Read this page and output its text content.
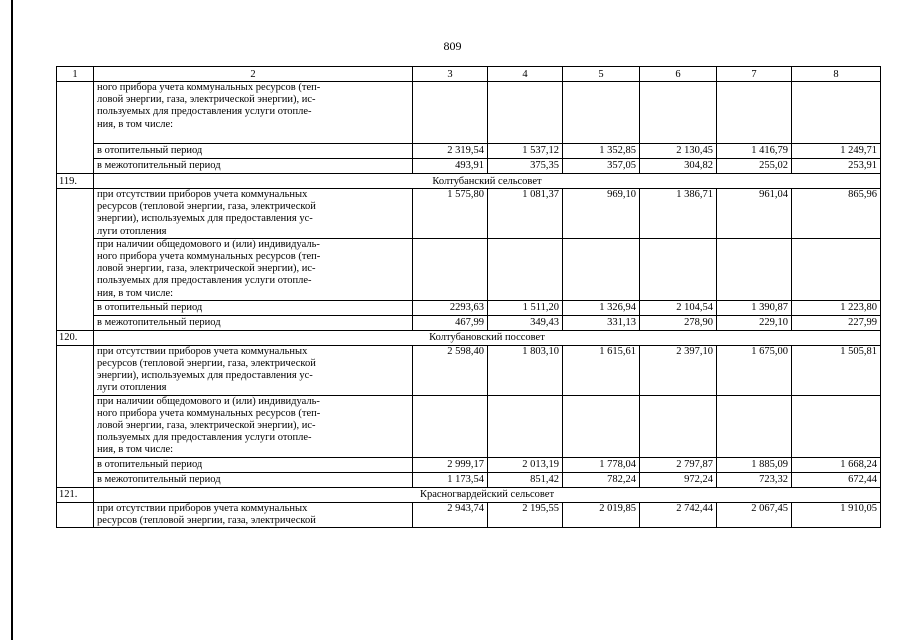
809
1	2	3	4	5	6	7	8

	ного прибора учета коммунальных ресурсов (теп-
ловой энергии, газа, электрической энергии), ис-
пользуемых для предоставления услуги отопле-
ния, в том числе:						

	в отопительный период	2 319,54	1 537,12	1 352,85	2 130,45	1 416,79	1 249,71
	в межотопительный период	493,91	375,35	357,05	304,82	255,02	253,91
119.	Колтубанский сельсовет						

	при отсутствии приборов учета коммунальных
ресурсов (тепловой энергии, газа, электрической
энергии), используемых для предоставления ус-
луги отопления	1 575,80	1 081,37	969,10	1 386,71	961,04	865,96

	при наличии общедомового и (или) индивидуаль-
ного прибора учета коммунальных ресурсов (теп-
ловой энергии, газа, электрической энергии), ис-
пользуемых для предоставления услуги отопле-
ния, в том числе:						

	в отопительный период	2293,63	1 511,20	1 326,94	2 104,54	1 390,87	1 223,80
	в межотопительный период	467,99	349,43	331,13	278,90	229,10	227,99
120.	Колтубановский поссовет						

	при отсутствии приборов учета коммунальных
ресурсов (тепловой энергии, газа, электрической
энергии), используемых для предоставления ус-
луги отопления	2 598,40	1 803,10	1 615,61	2 397,10	1 675,00	1 505,81

	при наличии общедомового и (или) индивидуаль-
ного прибора учета коммунальных ресурсов (теп-
ловой энергии, газа, электрической энергии), ис-
пользуемых для предоставления услуги отопле-
ния, в том числе:						

	в отопительный период	2 999,17	2 013,19	1 778,04	2 797,87	1 885,09	1 668,24
	в межотопительный период	1 173,54	851,42	782,24	972,24	723,32	672,44
121.	Красногвардейский сельсовет						

	при отсутствии приборов учета коммунальных
ресурсов (тепловой энергии, газа, электрической	2 943,74	2 195,55	2 019,85	2 742,44	2 067,45	1 910,05
